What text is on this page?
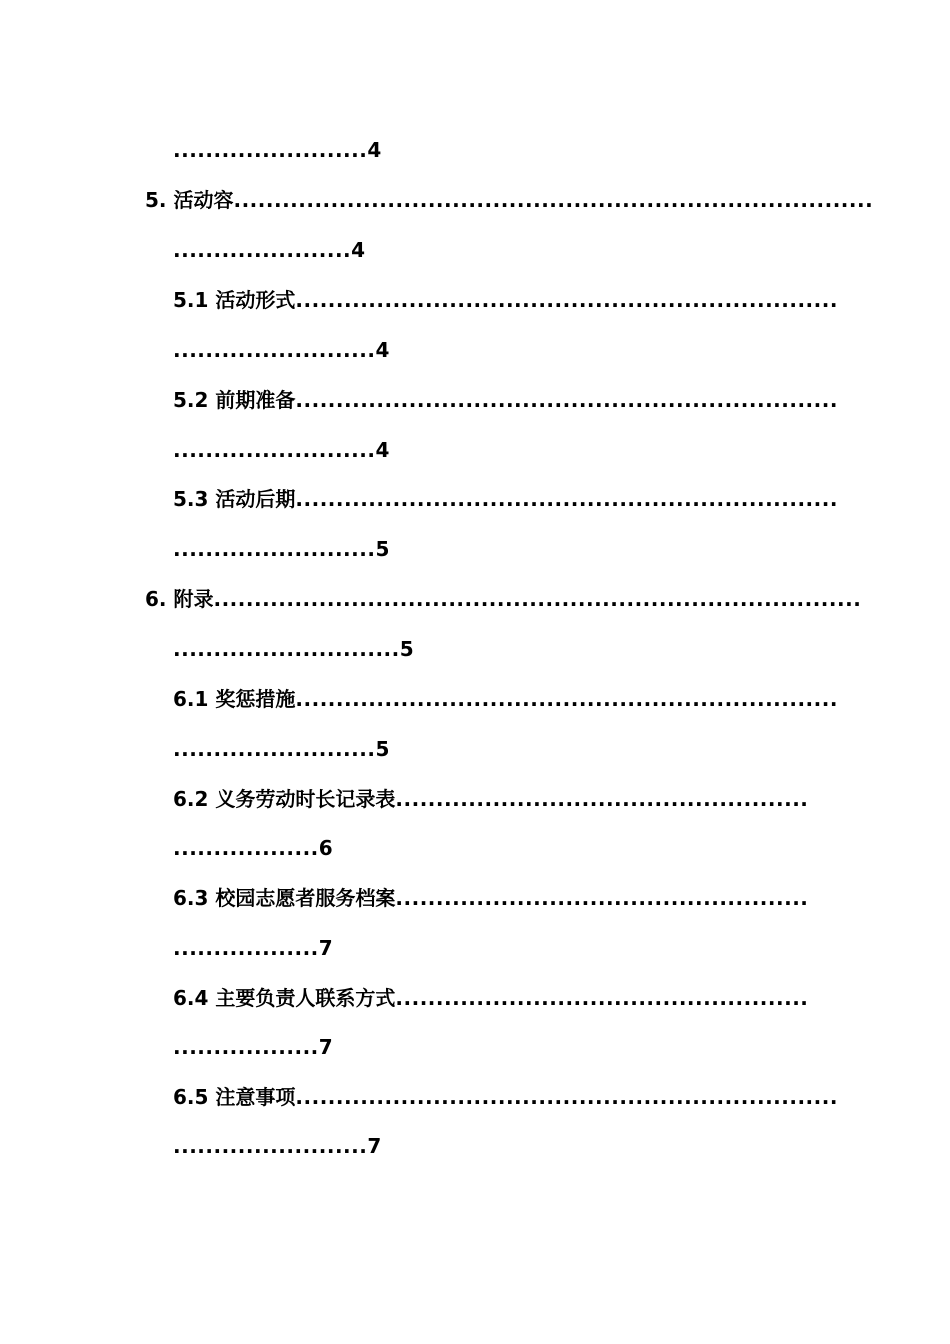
........................4
5. 活动容...............................................................................
......................4
5.1 活动形式...................................................................
.........................4
5.2 前期准备...................................................................
.........................4
5.3 活动后期...................................................................
.........................5
6. 附录................................................................................
............................5
6.1 奖惩措施...................................................................
.........................5
6.2 义务劳动时长记录表...................................................
..................6
6.3 校园志愿者服务档案...................................................
..................7
6.4 主要负责人联系方式...................................................
..................7
6.5 注意事项...................................................................
........................7
